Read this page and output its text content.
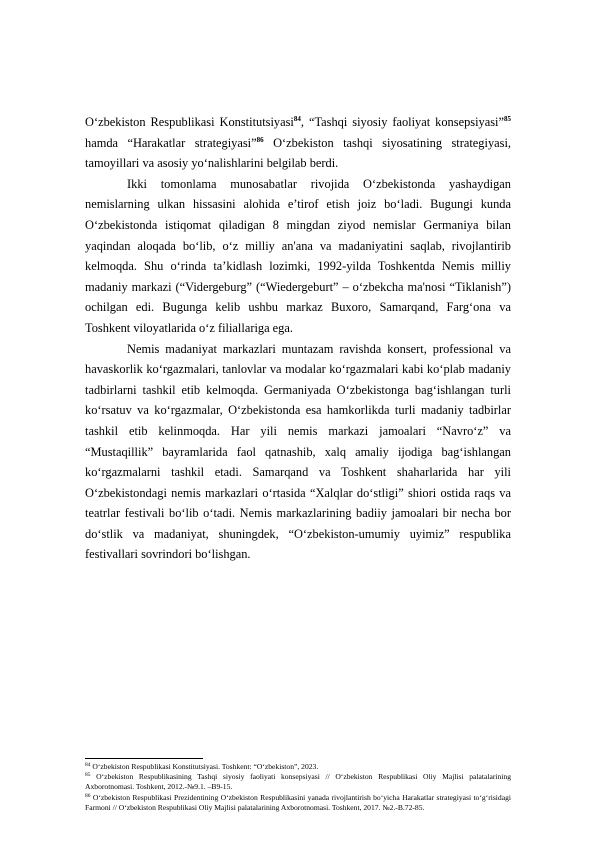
O‘zbekiston Respublikasi Konstitutsiyasi$^{84}$, “Tashqi siyosiy faoliyat konsepsiyasi”$^{85}$ hamda “Harakatlar strategiyasi”$^{86}$ O‘zbekiston tashqi siyosatining strategiyasi, tamoyillari va asosiy yo‘nalishlarini belgilab berdi.

Ikki tomonlama munosabatlar rivojida O‘zbekistonda yashaydigan nemislarning ulkan hissasini alohida e’tirof etish joiz bo‘ladi. Bugungi kunda O‘zbekistonda istiqomat qiladigan 8 mingdan ziyod nemislar Germaniya bilan yaqindan aloqada bo‘lib, o‘z milliy an'ana va madaniyatini saqlab, rivojlantirib kelmoqda. Shu o‘rinda ta’kidlash lozimki, 1992-yilda Toshkentda Nemis milliy madaniy markazi (“Vidergeburg” (“Wiedergeburt” – o‘zbekcha ma'nosi “Tiklanish”) ochilgan edi. Bugunga kelib ushbu markaz Buxoro, Samarqand, Farg‘ona va Toshkent viloyatlarida o‘z filiallariga ega.

Nemis madaniyat markazlari muntazam ravishda konsert, professional va havaskorlik ko‘rgazmalari, tanlovlar va modalar ko‘rgazmalari kabi ko‘plab madaniy tadbirlarni tashkil etib kelmoqda. Germaniyada O‘zbekistonga bag‘ishlangan turli ko‘rsatuv va ko‘rgazmalar, O‘zbekistonda esa hamkorlikda turli madaniy tadbirlar tashkil etib kelinmoqda. Har yili nemis markazi jamoalari “Navro‘z” va “Mustaqillik” bayramlarida faol qatnashib, xalq amaliy ijodiga bag‘ishlangan ko‘rgazmalarni tashkil etadi. Samarqand va Toshkent shaharlarida har yili O‘zbekistondagi nemis markazlari o‘rtasida “Xalqlar do‘stligi” shiori ostida raqs va teatrlar festivali bo‘lib o‘tadi. Nemis markazlarining badiiy jamoalari bir necha bor do‘stlik va madaniyat, shuningdek, “O‘zbekiston-umumiy uyimiz” respublika festivallari sovrindori bo‘lishgan.

$^{84}$ O‘zbekiston Respublikasi Konstitutsiyasi. Toshkent: “O‘zbekiston”, 2023.

$^{85}$ O‘zbekiston Respublikasining Tashqi siyosiy faoliyati konsepsiyasi // O‘zbekiston Respublikasi Oliy Majlisi palatalarining Axborotnomasi. Toshkent, 2012.-№9.1. –B9-15.

$^{86}$ O‘zbekiston Respublikasi Prezidentining O‘zbekiston Respublikasini yanada rivojlantirish bo‘yicha Harakatlar strategiyasi to‘g‘risidagi Farmoni // O‘zbekiston Respublikasi Oliy Majlisi palatalarining Axborotnomasi. Toshkent, 2017. №2.-B.72-85.
